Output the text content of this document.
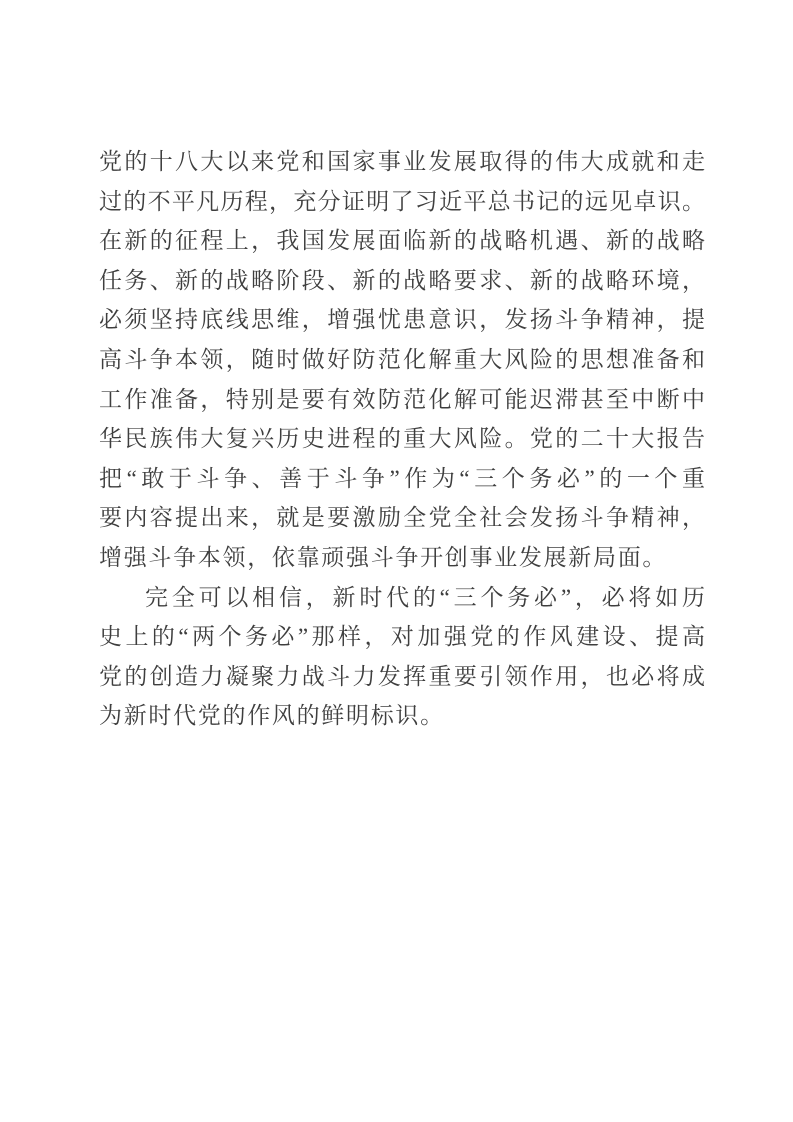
党的十八大以来党和国家事业发展取得的伟大成就和走
过的不平凡历程，充分证明了习近平总书记的远见卓识。
在新的征程上，我国发展面临新的战略机遇、新的战略
任务、新的战略阶段、新的战略要求、新的战略环境，
必须坚持底线思维，增强忧患意识，发扬斗争精神，提
高斗争本领，随时做好防范化解重大风险的思想准备和
工作准备，特别是要有效防范化解可能迟滞甚至中断中
华民族伟大复兴历史进程的重大风险。党的二十大报告
把“敢于斗争、善于斗争”作为“三个务必”的一个重
要内容提出来，就是要激励全党全社会发扬斗争精神，
增强斗争本领，依靠顽强斗争开创事业发展新局面。
完全可以相信，新时代的“三个务必”，必将如历
史上的“两个务必”那样，对加强党的作风建设、提高
党的创造力凝聚力战斗力发挥重要引领作用，也必将成
为新时代党的作风的鲜明标识。
